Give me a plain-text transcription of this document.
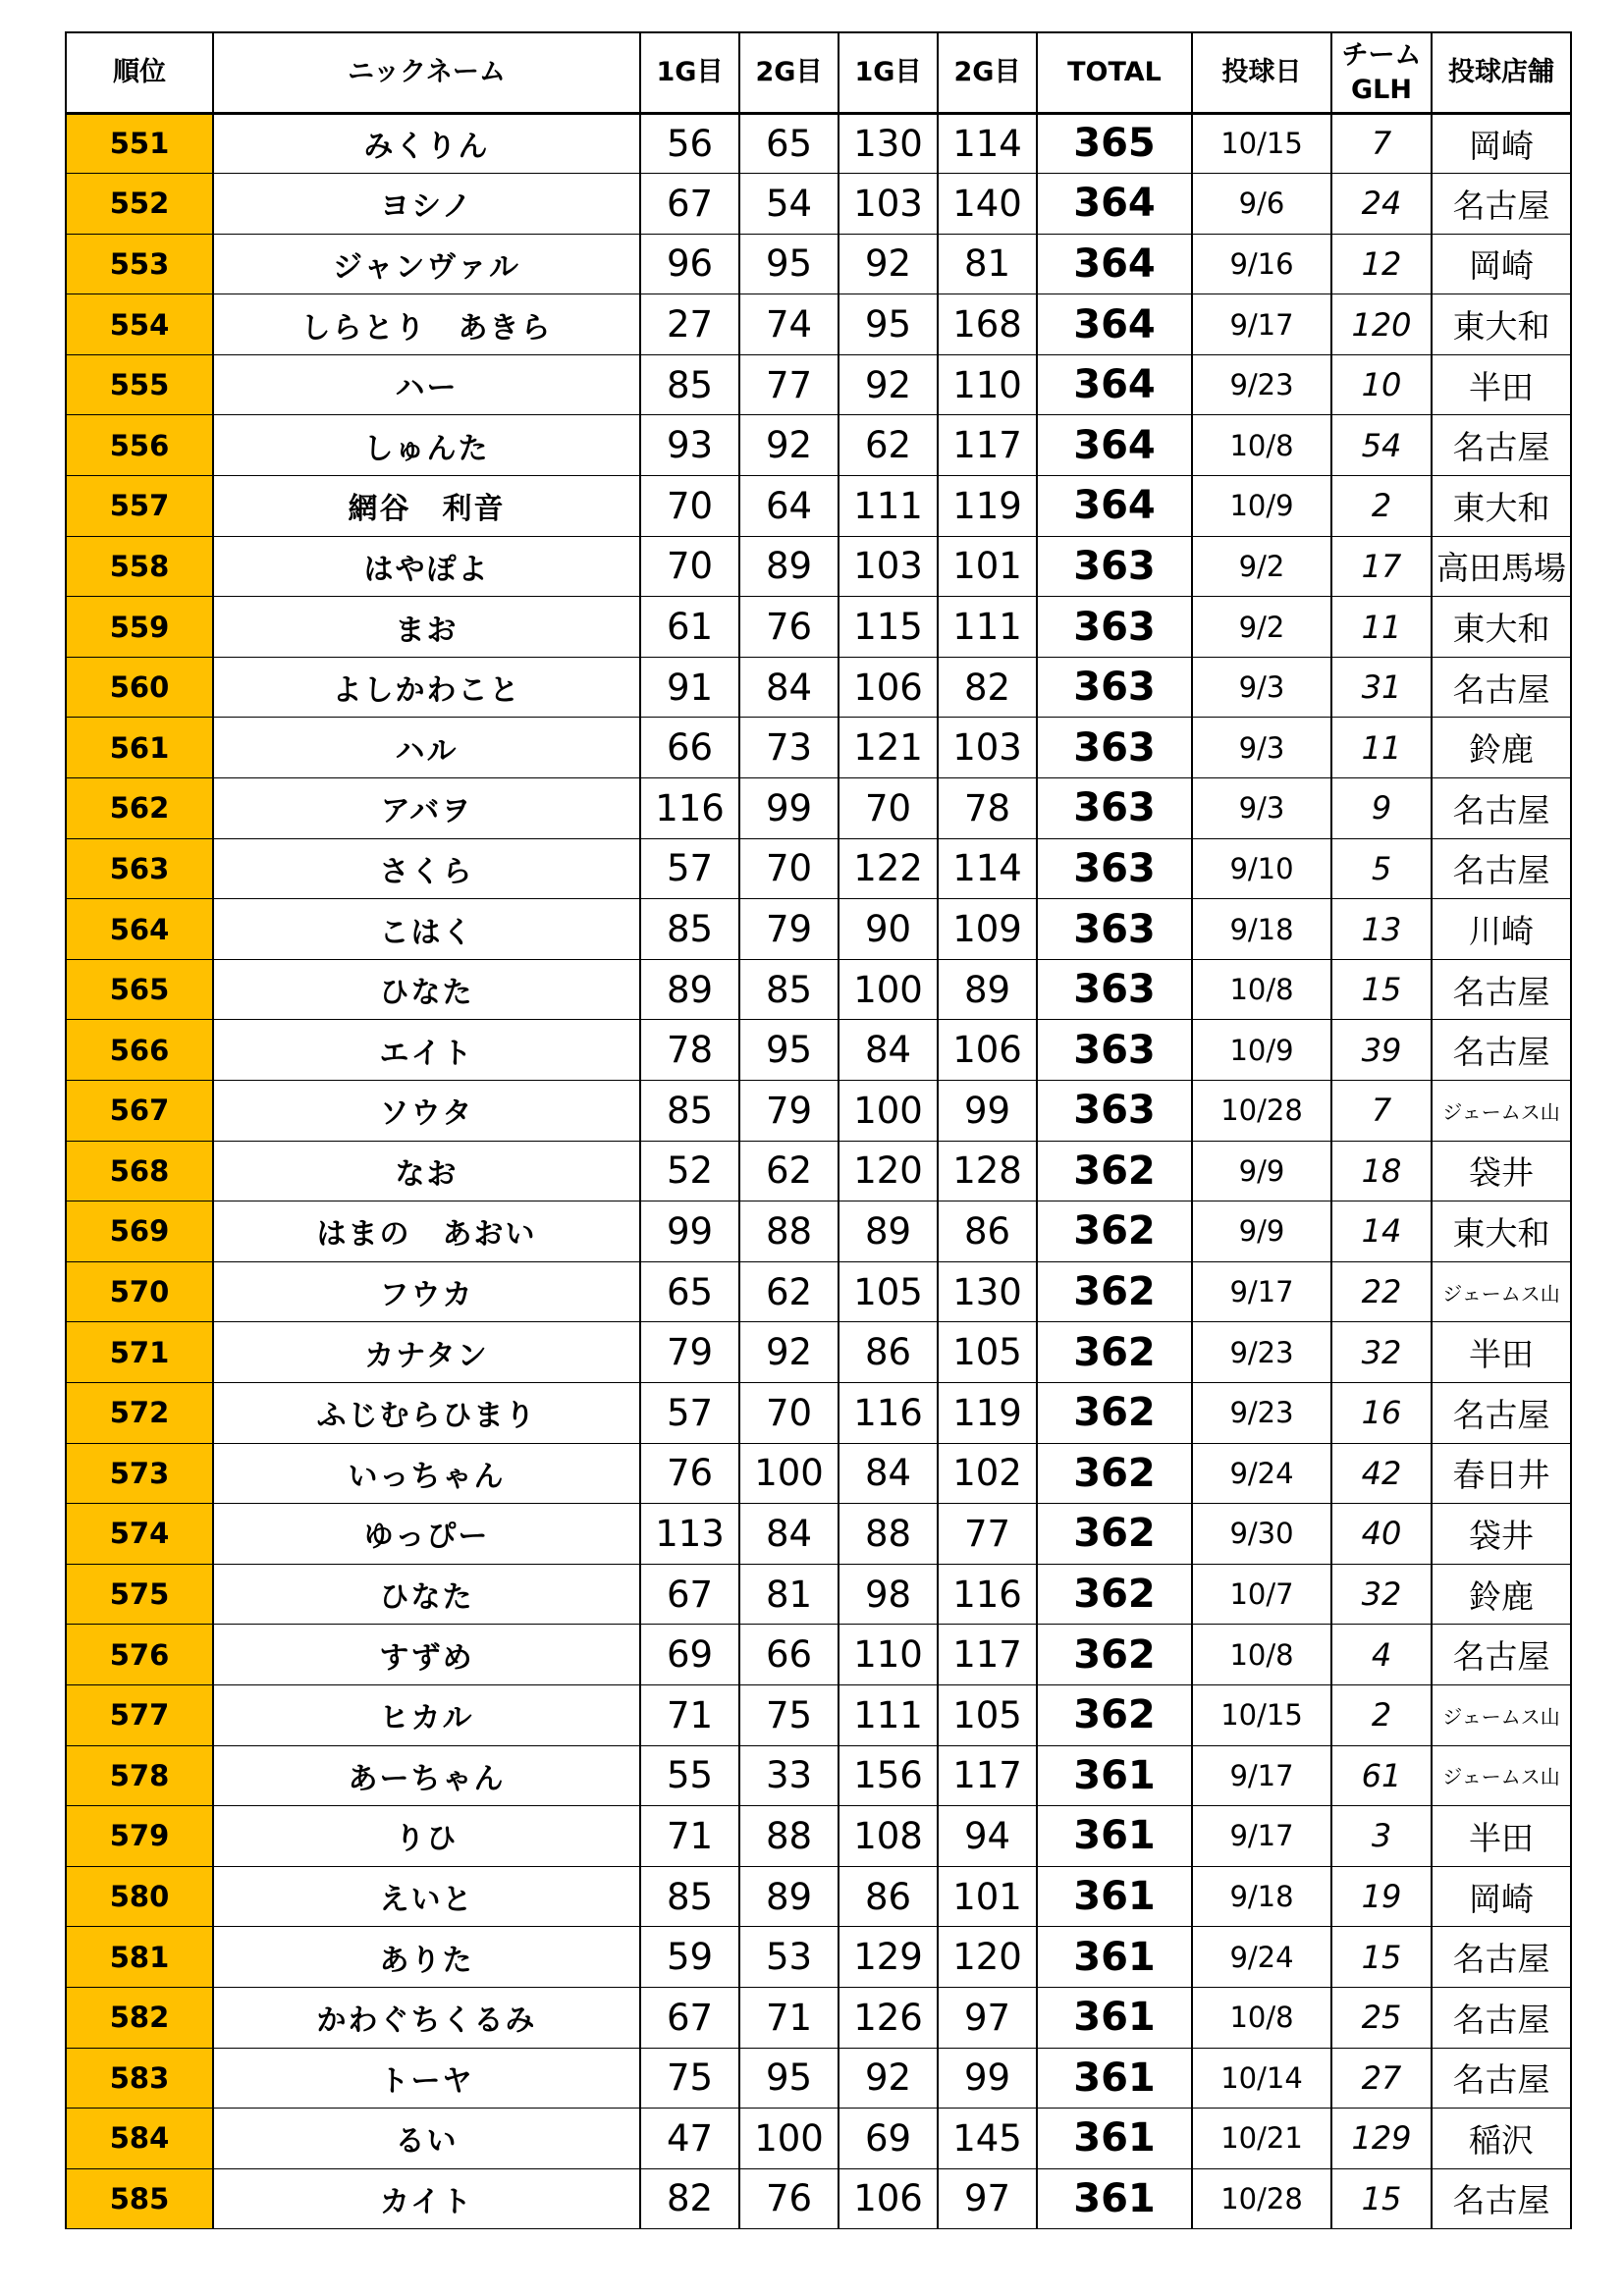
順位	ニックネーム	1G目	2G目	1G目	2G目	TOTAL	投球日	チーム
GLH	投球店舗
551	みくりん	56	65	130	114	365	10/15	7	岡崎
552	ヨシノ	67	54	103	140	364	9/6	24	名古屋
553	ジャンヴァル	96	95	92	81	364	9/16	12	岡崎
554	しらとり　あきら	27	74	95	168	364	9/17	120	東大和
555	ハー	85	77	92	110	364	9/23	10	半田
556	しゅんた	93	92	62	117	364	10/8	54	名古屋
557	網谷　利音	70	64	111	119	364	10/9	2	東大和
558	はやぽよ	70	89	103	101	363	9/2	17	高田馬場
559	まお	61	76	115	111	363	9/2	11	東大和
560	よしかわこと	91	84	106	82	363	9/3	31	名古屋
561	ハル	66	73	121	103	363	9/3	11	鈴鹿
562	アバヲ	116	99	70	78	363	9/3	9	名古屋
563	さくら	57	70	122	114	363	9/10	5	名古屋
564	こはく	85	79	90	109	363	9/18	13	川崎
565	ひなた	89	85	100	89	363	10/8	15	名古屋
566	エイト	78	95	84	106	363	10/9	39	名古屋
567	ソウタ	85	79	100	99	363	10/28	7	ジェームス山
568	なお	52	62	120	128	362	9/9	18	袋井
569	はまの　あおい	99	88	89	86	362	9/9	14	東大和
570	フウカ	65	62	105	130	362	9/17	22	ジェームス山
571	カナタン	79	92	86	105	362	9/23	32	半田
572	ふじむらひまり	57	70	116	119	362	9/23	16	名古屋
573	いっちゃん	76	100	84	102	362	9/24	42	春日井
574	ゆっぴー	113	84	88	77	362	9/30	40	袋井
575	ひなた	67	81	98	116	362	10/7	32	鈴鹿
576	すずめ	69	66	110	117	362	10/8	4	名古屋
577	ヒカル	71	75	111	105	362	10/15	2	ジェームス山
578	あーちゃん	55	33	156	117	361	9/17	61	ジェームス山
579	りひ	71	88	108	94	361	9/17	3	半田
580	えいと	85	89	86	101	361	9/18	19	岡崎
581	ありた	59	53	129	120	361	9/24	15	名古屋
582	かわぐちくるみ	67	71	126	97	361	10/8	25	名古屋
583	トーヤ	75	95	92	99	361	10/14	27	名古屋
584	るい	47	100	69	145	361	10/21	129	稲沢
585	カイト	82	76	106	97	361	10/28	15	名古屋
